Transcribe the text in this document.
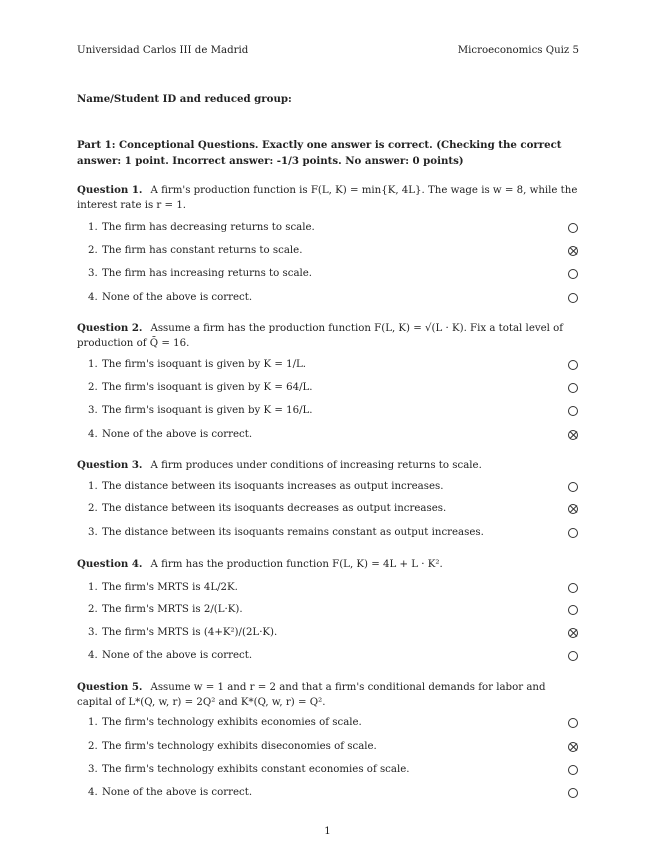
Universidad Carlos III de Madrid	Microeconomics Quiz 5
Name/Student ID and reduced group:
Part 1: Conceptional Questions. Exactly one answer is correct. (Checking the correct answer: 1 point. Incorrect answer: -1/3 points. No answer: 0 points)
Question 1. A firm's production function is F(L, K) = min{K, 4L}. The wage is w = 8, while the interest rate is r = 1.
1. The firm has decreasing returns to scale.
2. The firm has constant returns to scale.
3. The firm has increasing returns to scale.
4. None of the above is correct.
Question 2. Assume a firm has the production function F(L, K) = √(L · K). Fix a total level of production of Q̄ = 16.
1. The firm's isoquant is given by K = 1/L.
2. The firm's isoquant is given by K = 64/L.
3. The firm's isoquant is given by K = 16/L.
4. None of the above is correct.
Question 3. A firm produces under conditions of increasing returns to scale.
1. The distance between its isoquants increases as output increases.
2. The distance between its isoquants decreases as output increases.
3. The distance between its isoquants remains constant as output increases.
Question 4. A firm has the production function F(L, K) = 4L + L · K².
1. The firm's MRTS is 4L/2K.
2. The firm's MRTS is 2/(L·K).
3. The firm's MRTS is (4+K²)/(2L·K).
4. None of the above is correct.
Question 5. Assume w = 1 and r = 2 and that a firm's conditional demands for labor and capital of L*(Q, w, r) = 2Q² and K*(Q, w, r) = Q².
1. The firm's technology exhibits economies of scale.
2. The firm's technology exhibits diseconomies of scale.
3. The firm's technology exhibits constant economies of scale.
4. None of the above is correct.
1
